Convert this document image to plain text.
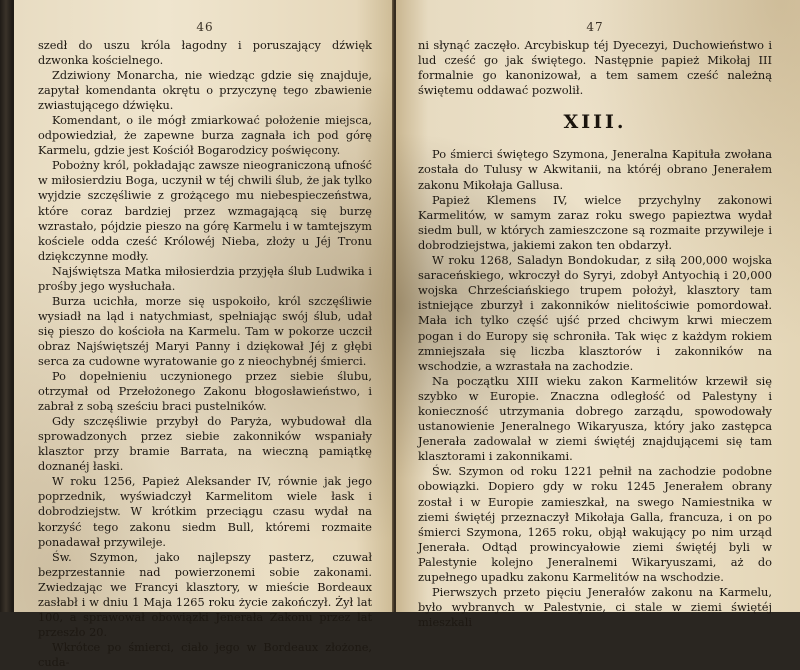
46

szedł do uszu króla łagodny i poruszający dźwięk dzwonka kościelnego.

Zdziwiony Monarcha, nie wiedząc gdzie się znajduje, zapytał komendanta okrętu o przyczynę tego zbawienie zwiastującego dźwięku.

Komendant, o ile mógł zmiarkować położenie miejsca, odpowiedział, że zapewne burza zagnała ich pod górę Karmelu, gdzie jest Kościół Bogarodzicy poświęcony.

Pobożny król, pokładając zawsze nieograniczoną ufność w miłosierdziu Boga, uczynił w téj chwili ślub, że jak tylko wyjdzie szczęśliwie z grożącego mu niebespieczeństwa, które coraz bardziej przez wzmagającą się burzę wzrastało, pójdzie pieszo na górę Karmelu i w tamtejszym kościele odda cześć Królowéj Nieba, złoży u Jéj Tronu dziękczynne modły.

Najświętsza Matka miłosierdzia przyjęła ślub Ludwika i prośby jego wysłuchała.

Burza ucichła, morze się uspokoiło, król szczęśliwie wysiadł na ląd i natychmiast, spełniając swój ślub, udał się pieszo do kościoła na Karmelu. Tam w pokorze uczcił obraz Najświętszéj Maryi Panny i dziękował Jéj z głębi serca za cudowne wyratowanie go z nieochybnéj śmierci.

Po dopełnieniu uczynionego przez siebie ślubu, otrzymał od Przełożonego Zakonu błogosławieństwo, i zabrał z sobą sześciu braci pustelników.

Gdy szczęśliwie przybył do Paryża, wybudował dla sprowadzonych przez siebie zakonników wspaniały klasztor przy bramie Barrata, na wieczną pamiątkę doznanéj łaski.

W roku 1256, Papież Aleksander IV, równie jak jego poprzednik, wyświadczył Karmelitom wiele łask i dobrodziejstw. W krótkim przeciągu czasu wydał na korzyść tego zakonu siedm Bull, któremi rozmaite ponadawał przywileje.

Św. Szymon, jako najlepszy pasterz, czuwał bezprzestannie nad powierzonemi sobie zakonami. Zwiedzając we Francyi klasztory, w mieście Bordeaux zasłabł i w dniu 1 Maja 1265 roku życie zakończył. Żył lat 100, a sprawował obowiązki Jenerała Zakonu przez lat przeszło 20.

Wkrótce po śmierci, ciało jego w Bordeaux złożone, cuda-

47

ni słynąć zaczęło. Arcybiskup téj Dyecezyi, Duchowieństwo i lud cześć go jak świętego. Następnie papież Mikołaj III formalnie go kanonizował, a tem samem cześć należną świętemu oddawać pozwolił.

XIII.

Po śmierci świętego Szymona, Jeneralna Kapituła zwołana została do Tulusy w Akwitanii, na któréj obrano Jenerałem zakonu Mikołaja Gallusa.

Papież Klemens IV, wielce przychylny zakonowi Karmelitów, w samym zaraz roku swego papieztwa wydał siedm bull, w których zamieszczone są rozmaite przywileje i dobrodziejstwa, jakiemi zakon ten obdarzył.

W roku 1268, Saladyn Bondokudar, z siłą 200,000 wojska saraceńskiego, wkroczył do Syryi, zdobył Antyochią i 20,000 wojska Chrześciańskiego trupem położył, klasztory tam istniejące zburzył i zakonników nielitościwie pomordował. Mała ich tylko część ujść przed chciwym krwi mieczem pogan i do Europy się schroniła. Tak więc z każdym rokiem zmniejszała się liczba klasztorów i zakonników na wschodzie, a wzrastała na zachodzie.

Na początku XIII wieku zakon Karmelitów krzewił się szybko w Europie. Znaczna odległość od Palestyny i konieczność utrzymania dobrego zarządu, spowodowały ustanowienie Jeneralnego Wikaryusza, który jako zastępca Jenerała zadowalał w ziemi świętéj znajdującemi się tam klasztorami i zakonnikami.

Św. Szymon od roku 1221 pełnił na zachodzie podobne obowiązki. Dopiero gdy w roku 1245 Jenerałem obrany został i w Europie zamieszkał, na swego Namiestnika w ziemi świętéj przeznaczył Mikołaja Galla, francuza, i on po śmierci Szymona, 1265 roku, objął wakujący po nim urząd Jenerała. Odtąd prowincyałowie ziemi świętéj byli w Palestynie kolejno Jeneralnemi Wikaryuszami, aż do zupełnego upadku zakonu Karmelitów na wschodzie.

Pierwszych przeto pięciu Jenerałów zakonu na Karmelu, było wybranych w Palestynie, ci stale w ziemi świętéj mieszkali
